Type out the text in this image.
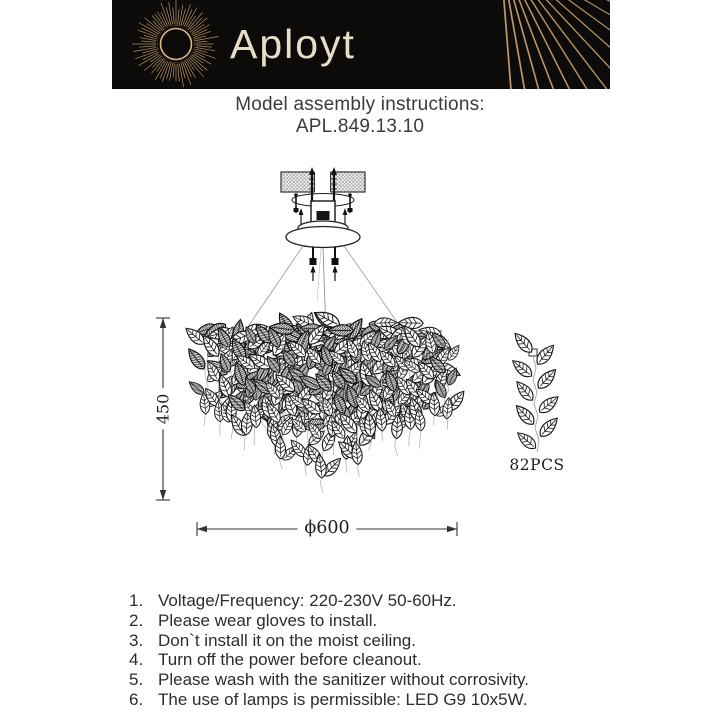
Aployt
Model assembly instructions:
APL.849.13.10
450
ϕ600
82PCS
1. Voltage/Frequency: 220-230V 50-60Hz.
2. Please wear gloves to install.
3. Don`t install it on the moist ceiling.
4. Turn off the power before cleanout.
5. Please wash with the sanitizer without corrosivity.
6. The use of lamps is permissible: LED G9 10x5W.
